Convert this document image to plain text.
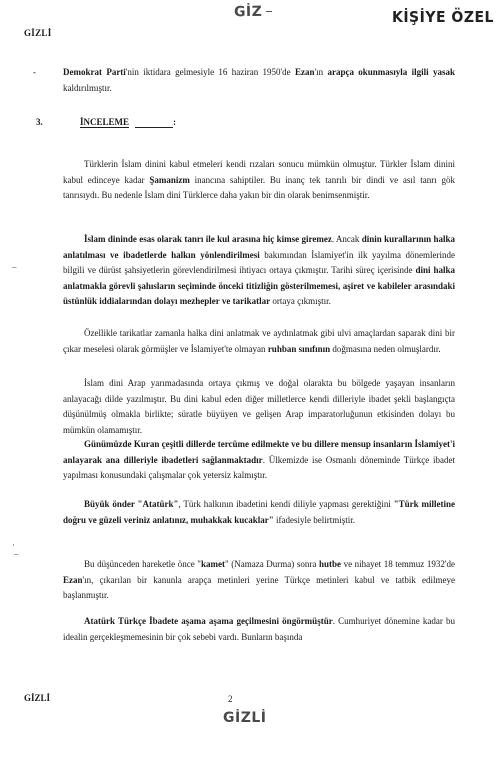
GİZLİ
GİZ	KİŞİYE ÖZEL
-	Demokrat Parti'nin iktidara gelmesiyle 16 haziran 1950'de Ezan'ın arapça okunmasıyla ilgili yasak kaldırılmıştır.
3.	İNCELEME	:
Türklerin İslam dinini kabul etmeleri kendi rızaları sonucu mümkün olmuştur. Türkler İslam dinini kabul edinceye kadar Şamanizm inancına sahiptiler. Bu inanç tek tanrılı bir dindi ve asıl tanrı gök tanrısıydı. Bu nedenle İslam dini Türklerce daha yakın bir din olarak benimsenmiştir.
İslam dininde esas olarak tanrı ile kul arasına hiç kimse giremez. Ancak dinin kurallarının halka anlatılması ve ibadetlerde halkın yönlendirilmesi bakımından İslamiyet'in ilk yayılma dönemlerinde bilgili ve dürüst şahsiyetlerin görevlendirilmesi ihtiyacı ortaya çıkmıştır. Tarihi süreç içerisinde dini halka anlatmakla görevli şahısların seçiminde önceki titizliğin gösterilmemesi, aşiret ve kabileler arasındaki üstünlük iddialarından dolayı mezhepler ve tarikatlar ortaya çıkmıştır.
Özellikle tarikatlar zamanla halka dini anlatmak ve aydınlatmak gibi ulvi amaçlardan saparak dini bir çıkar meselesi olarak görmüşler ve İslamiyet'te olmayan ruhban sınıfının doğmasına neden olmuşlardır.
İslam dini Arap yarımadasında ortaya çıkmış ve doğal olarakta bu bölgede yaşayan insanların anlayacağı dilde yazılmıştır. Bu dini kabul eden diğer milletlerce kendi dilleriyle ibadet şekli başlangıçta düşünülmüş olmakla birlikte; süratle büyüyen ve gelişen Arap imparatorluğunun etkisinden dolayı bu mümkün olamamıştır.
Günümüzde Kuran çeşitli dillerde tercüme edilmekte ve bu dillere mensup insanların İslamiyet'i anlayarak ana dilleriyle ibadetleri sağlanmaktadır. Ülkemizde ise Osmanlı döneminde Türkçe ibadet yapılması konusundaki çalışmalar çok yetersiz kalmıştır.
Büyük önder "Atatürk", Türk halkının ibadetini kendi diliyle yapması gerektiğini "Türk milletine doğru ve güzeli veriniz anlatınız, muhakkak kucaklar" ifadesiyle belirtmiştir.
Bu düşünceden hareketle önce "kamet" (Namaza Durma) sonra hutbe ve nihayet 18 temmuz 1932'de Ezan'ın, çıkarılan bir kanunla arapça metinleri yerine Türkçe metinleri kabul ve tatbik edilmeye başlanmıştır.
Atatürk Türkçe İbadete aşama aşama geçilmesini öngörmüştür. Cumhuriyet dönemine kadar bu idealin gerçekleşmemesinin bir çok sebebi vardı. Bunların başında
–
·
–
GİZLİ	2
GİZLİ
